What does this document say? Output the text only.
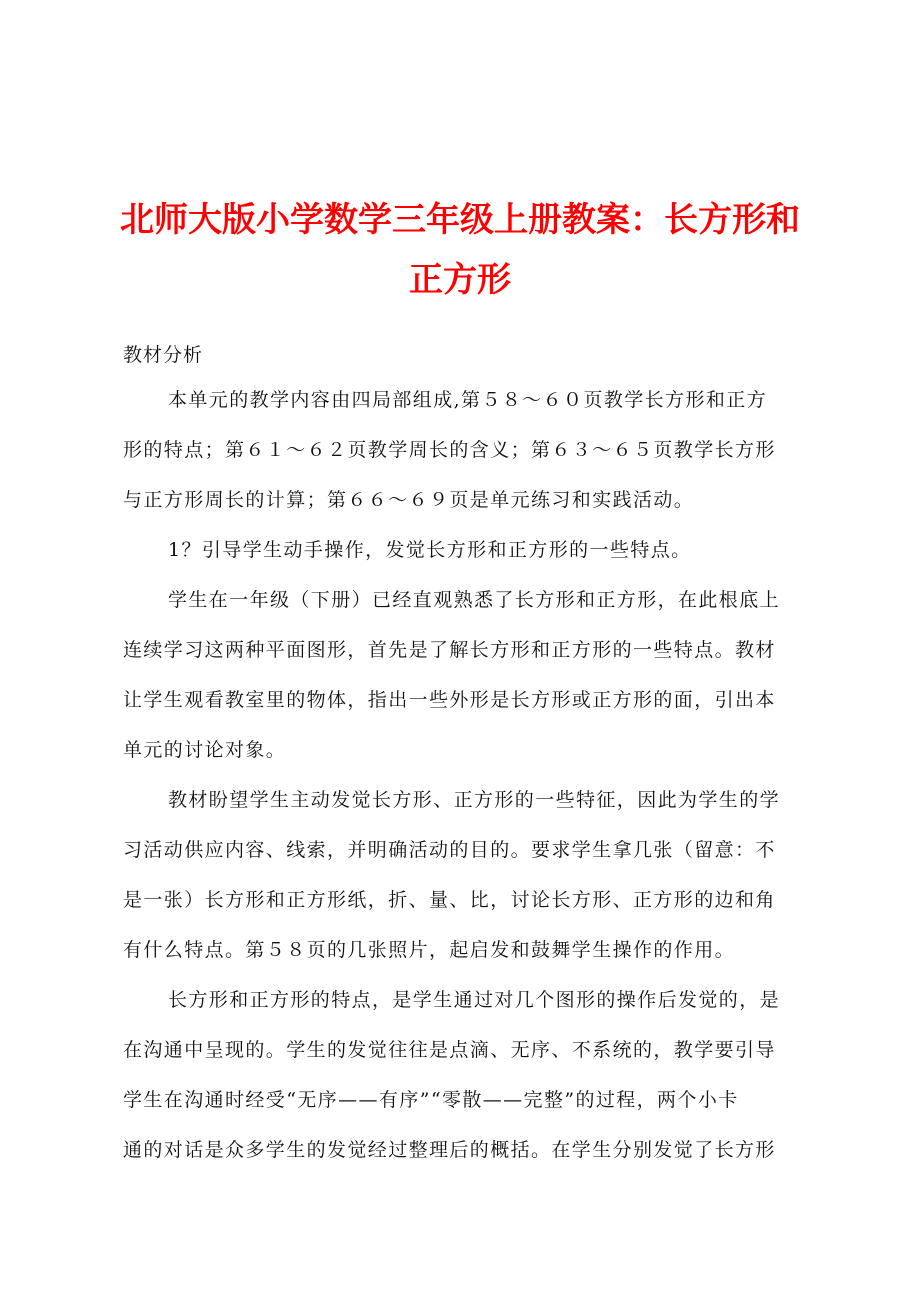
北师大版小学数学三年级上册教案：长方形和
正方形
教材分析
本单元的教学内容由四局部组成,第５８～６０页教学长方形和正方
形的特点；第６１～６２页教学周长的含义；第６３～６５页教学长方形
与正方形周长的计算；第６６～６９页是单元练习和实践活动。
1？引导学生动手操作，发觉长方形和正方形的一些特点。
学生在一年级（下册）已经直观熟悉了长方形和正方形，在此根底上
连续学习这两种平面图形，首先是了解长方形和正方形的一些特点。教材
让学生观看教室里的物体，指出一些外形是长方形或正方形的面，引出本
单元的讨论对象。
教材盼望学生主动发觉长方形、正方形的一些特征，因此为学生的学
习活动供应内容、线索，并明确活动的目的。要求学生拿几张（留意：不
是一张）长方形和正方形纸，折、量、比，讨论长方形、正方形的边和角
有什么特点。第５８页的几张照片，起启发和鼓舞学生操作的作用。
长方形和正方形的特点，是学生通过对几个图形的操作后发觉的，是
在沟通中呈现的。学生的发觉往往是点滴、无序、不系统的，教学要引导
学生在沟通时经受“无序——有序”“零散——完整”的过程，两个小卡
通的对话是众多学生的发觉经过整理后的概括。在学生分别发觉了长方形
